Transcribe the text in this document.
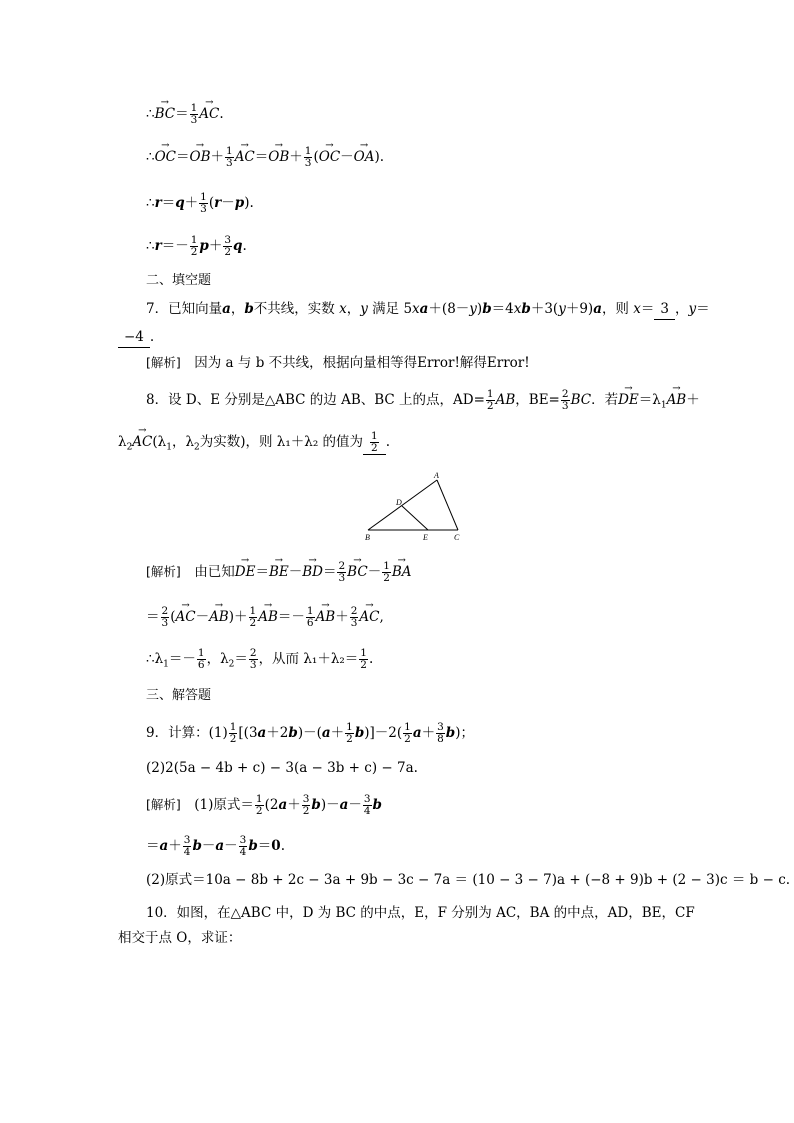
∴→ $BC= \frac{1}{3}$
→ AC.
∴→ $OC=\to OB+ \frac{1}{3}$
→ $AC=\to OB+ \frac{1}{3}$ (→ OC－→ OA).
∴r＝q＋ $\frac{1}{3} (r-p)$.
∴r＝－ $\frac{1}{2} p+ \frac{3}{2} q$.
二、填空题
7．已知向量a，b不共线，实数 x，y 满足 5xa＋(8－y)b＝4xb＋3(y＋9)a，则 x＝ 3 ，y＝
−4 .
[解析]　 因为 a 与 b 不共线，根据向量相等得Error!解得Error!
8．设 D、E 分别是△ABC 的边 AB、BC 上的点，$AD= \frac{1}{2}$ AB，$BE= \frac{2}{3}$ BC．若→ $DE=\lambda_1\to AB+$
$\lambda_2\to AC(\lambda_1$，$\lambda_2$为实数)，则 λ₁＋λ₂ 的值为 $\frac{1}{2}$ .
A
D
B	E	C
[解析]　 由已知→ $DE=\to BE-\to BD= \frac{2}{3}$
→ $BC- \frac{1}{2}$
→ BA
＝ $\frac{2}{3}$ (→ $AC-\to AB)+ \frac{1}{2}$
→ $AB=- \frac{1}{6}$
→ $AB+ \frac{2}{3}$
→ AC,
$\therefore\lambda_1=- \frac{1}{6}$ ，$\lambda_2= \frac{2}{3}$ ，从而 $\lambda_1+\lambda_2= \frac{1}{2}$ .
三、解答题
9．计算：$(1) \frac{1}{2} [(3a+2b)-(a+ \frac{1}{2} b)]-2( \frac{1}{2} a+ \frac{3}{8} b)$；
(2)2(5a − 4b + c) − 3(a − 3b + c) − 7a.
[解析]　 (1)原式＝ $\frac{1}{2} (2a+ \frac{3}{2} b)-a- \frac{3}{4}$ b
$=a+ \frac{3}{4} b-a- \frac{3}{4} b=0$.
(2)原式＝10a − 8b + 2c − 3a + 9b − 3c − 7a ＝ (10 − 3 − 7)a + (−8 + 9)b + (2 − 3)c ＝ b − c.
10．如图，在△ABC 中，D 为 BC 的中点，E，F 分别为 AC，BA 的中点，AD，BE，CF
相交于点 O，求证：
